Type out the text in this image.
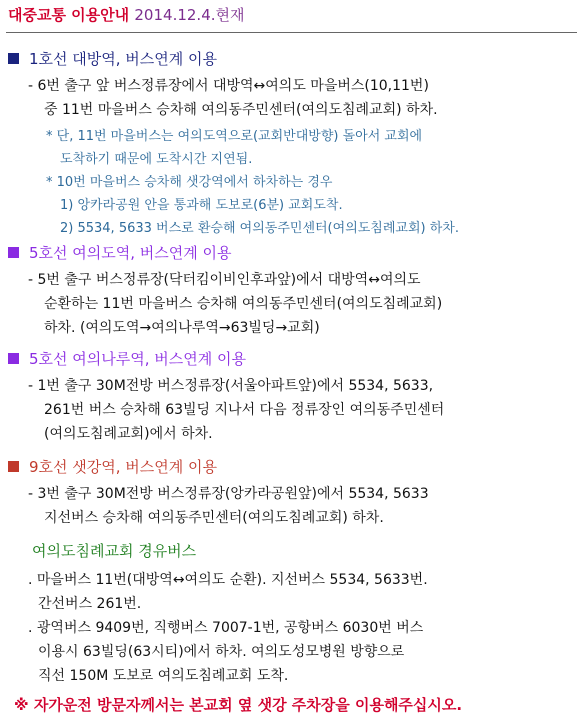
대중교통 이용안내 2014.12.4.현재
1호선 대방역, 버스연계 이용
- 6번 출구 앞 버스정류장에서 대방역↔여의도 마을버스(10,11번)
중 11번 마을버스 승차해 여의동주민센터(여의도침례교회) 하차.
* 단, 11번 마을버스는 여의도역으로(교회반대방향) 돌아서 교회에
도착하기 때문에 도착시간 지연됨.
* 10번 마을버스 승차해 샛강역에서 하차하는 경우
1) 앙카라공원 안을 통과해 도보로(6분) 교회도착.
2) 5534, 5633 버스로 환승해 여의동주민센터(여의도침례교회) 하차.
5호선 여의도역, 버스연계 이용
- 5번 출구 버스정류장(닥터킴이비인후과앞)에서 대방역↔여의도
순환하는 11번 마을버스 승차해 여의동주민센터(여의도침례교회)
하차. (여의도역→여의나루역→63빌딩→교회)
5호선 여의나루역, 버스연계 이용
- 1번 출구 30M전방 버스정류장(서울아파트앞)에서 5534, 5633,
261번 버스 승차해 63빌딩 지나서 다음 정류장인 여의동주민센터
(여의도침례교회)에서 하차.
9호선 샛강역, 버스연계 이용
- 3번 출구 30M전방 버스정류장(앙카라공원앞)에서 5534, 5633
지선버스 승차해 여의동주민센터(여의도침례교회) 하차.
여의도침례교회 경유버스
. 마을버스 11번(대방역↔여의도 순환). 지선버스 5534, 5633번.
간선버스 261번.
. 광역버스 9409번, 직행버스 7007-1번, 공항버스 6030번 버스
이용시 63빌딩(63시티)에서 하차. 여의도성모병원 방향으로
직선 150M 도보로 여의도침례교회 도착.
※ 자가운전 방문자께서는 본교회 옆 샛강 주차장을 이용해주십시오.
